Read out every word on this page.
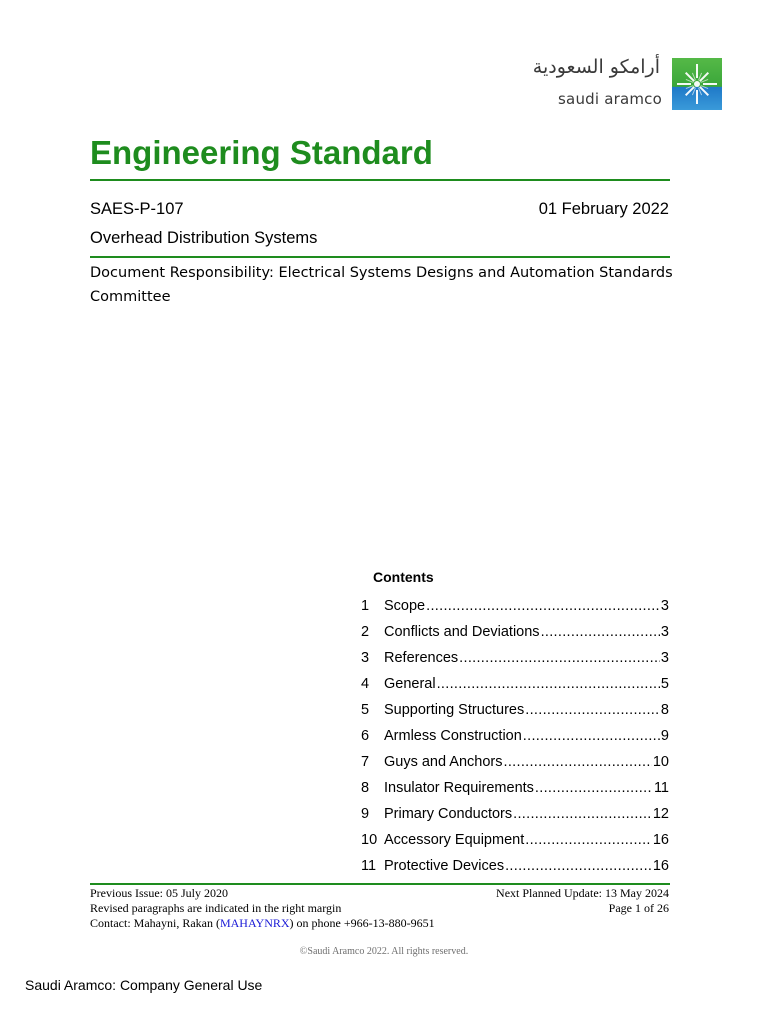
أرامكو السعودية
saudi aramco
Engineering Standard
SAES-P-107	01 February 2022
Overhead Distribution Systems
Document Responsibility: Electrical Systems Designs and Automation Standards Committee
Contents
1	Scope .....	3
2	Conflicts and Deviations .....	3
3	References .....	3
4	General .....	5
5	Supporting Structures .....	8
6	Armless Construction .....	9
7	Guys and Anchors .....	10
8	Insulator Requirements .....	11
9	Primary Conductors .....	12
10 Accessory Equipment .....	16
11 Protective Devices .....	16
Previous Issue: 05 July 2020
Revised paragraphs are indicated in the right margin
Contact: Mahayni, Rakan (MAHAYNRX) on phone +966-13-880-9651
Next Planned Update: 13 May 2024
Page 1 of 26
©Saudi Aramco 2022. All rights reserved.
Saudi Aramco: Company General Use
